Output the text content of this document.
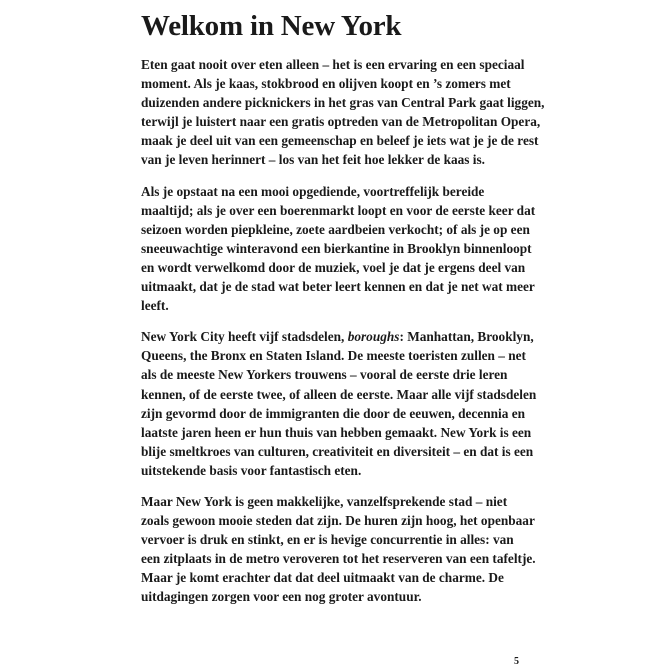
Welkom in New York

Eten gaat nooit over eten alleen – het is een ervaring en een speciaal
moment. Als je kaas, stokbrood en olijven koopt en ’s zomers met
duizenden andere picknickers in het gras van Central Park gaat liggen,
terwijl je luistert naar een gratis optreden van de Metropolitan Opera,
maak je deel uit van een gemeenschap en beleef je iets wat je je de rest
van je leven herinnert – los van het feit hoe lekker de kaas is.

Als je opstaat na een mooi opgediende, voortreffelijk bereide
maaltijd; als je over een boerenmarkt loopt en voor de eerste keer dat
seizoen worden piepkleine, zoete aardbeien verkocht; of als je op een
sneeuwachtige winteravond een bierkantine in Brooklyn binnenloopt
en wordt verwelkomd door de muziek, voel je dat je ergens deel van
uitmaakt, dat je de stad wat beter leert kennen en dat je net wat meer
leeft.

New York City heeft vijf stadsdelen, boroughs: Manhattan, Brooklyn,
Queens, the Bronx en Staten Island. De meeste toeristen zullen – net
als de meeste New Yorkers trouwens – vooral de eerste drie leren
kennen, of de eerste twee, of alleen de eerste. Maar alle vijf stadsdelen
zijn gevormd door de immigranten die door de eeuwen, decennia en
laatste jaren heen er hun thuis van hebben gemaakt. New York is een
blije smeltkroes van culturen, creativiteit en diversiteit – en dat is een
uitstekende basis voor fantastisch eten.

Maar New York is geen makkelijke, vanzelfsprekende stad – niet
zoals gewoon mooie steden dat zijn. De huren zijn hoog, het openbaar
vervoer is druk en stinkt, en er is hevige concurrentie in alles: van
een zitplaats in de metro veroveren tot het reserveren van een tafeltje.
Maar je komt erachter dat dat deel uitmaakt van de charme. De
uitdagingen zorgen voor een nog groter avontuur.

5
